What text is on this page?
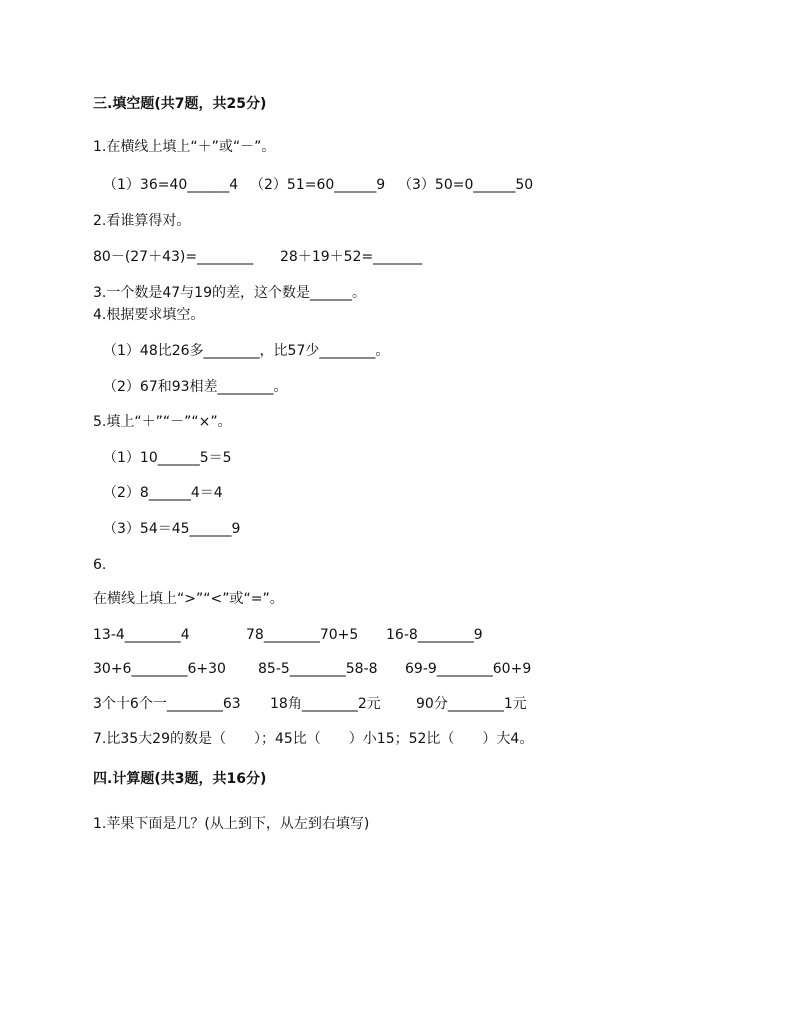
三.填空题(共7题，共25分)
1.在横线上填上“＋”或“－”。
（1）36=40______4 （2）51=60______9 （3）50=0______50
2.看谁算得对。
80－(27＋43)=________ 28＋19＋52=_______
3.一个数是47与19的差，这个数是______。
4.根据要求填空。
（1）48比26多________，比57少________。
（2）67和93相差________。
5.填上“＋”“－”“×”。
（1）10______5＝5
（2）8______4＝4
（3）54＝45______9
6.
在横线上填上“>”“<”或“=”。
13-4________4	78________70+5 16-8________9
30+6________6+30 85-5________58-8 69-9________60+9
3个十6个一________63 18角________2元	90分________1元
7.比35大29的数是（　　）；45比（　　）小15；52比（　　）大4。
四.计算题(共3题，共16分)
1.苹果下面是几？(从上到下，从左到右填写)
